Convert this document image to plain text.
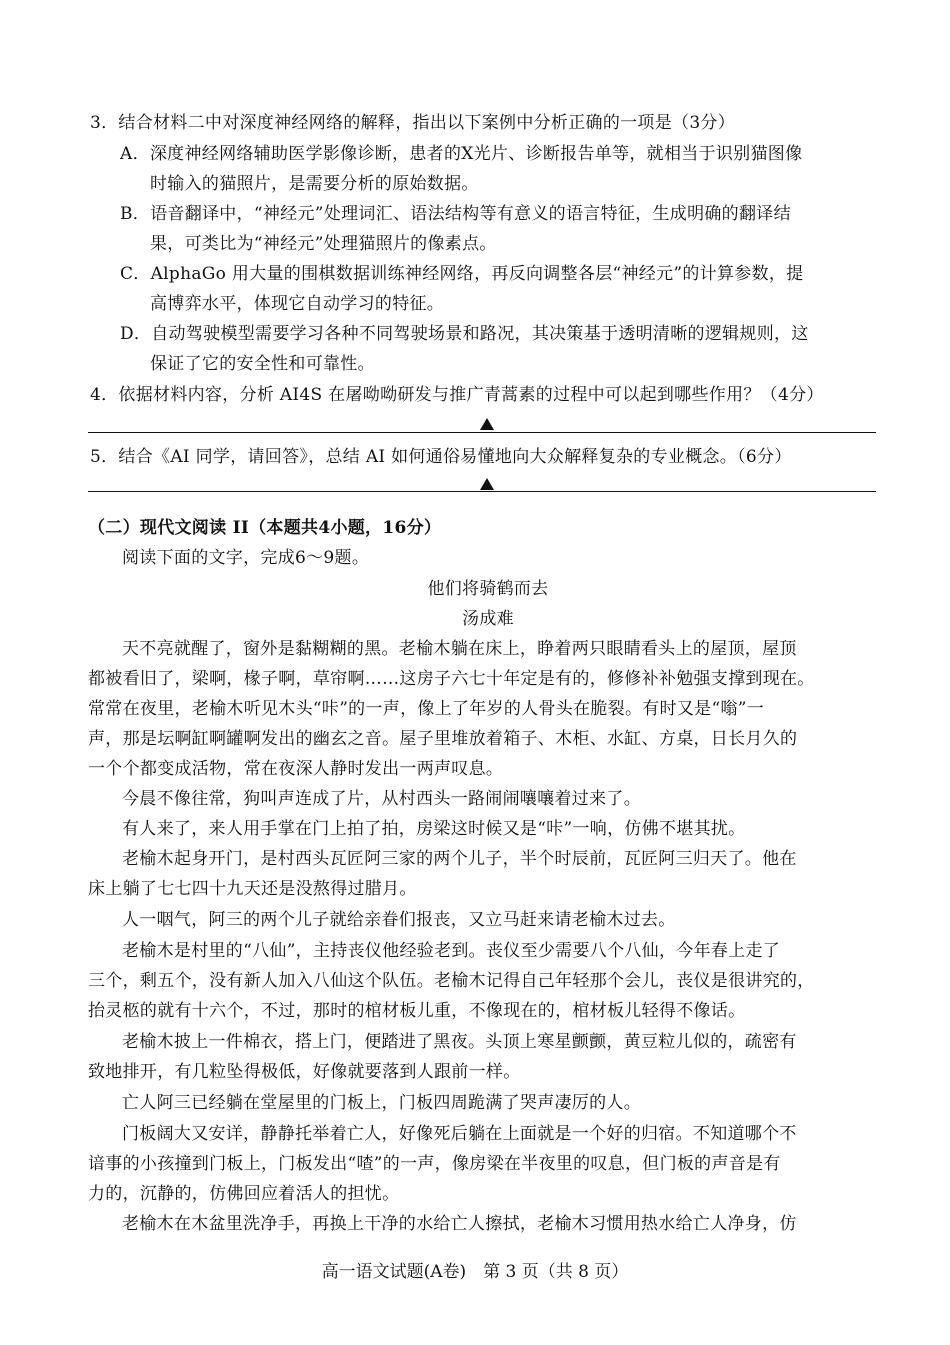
3．结合材料二中对深度神经网络的解释，指出以下案例中分析正确的一项是（3分）
A．深度神经网络辅助医学影像诊断，患者的X光片、诊断报告单等，就相当于识别猫图像
时输入的猫照片，是需要分析的原始数据。
B．语音翻译中，“神经元”处理词汇、语法结构等有意义的语言特征，生成明确的翻译结
果，可类比为“神经元”处理猫照片的像素点。
C．AlphaGo 用大量的围棋数据训练神经网络，再反向调整各层“神经元”的计算参数，提
高博弈水平，体现它自动学习的特征。
D．自动驾驶模型需要学习各种不同驾驶场景和路况，其决策基于透明清晰的逻辑规则，这
保证了它的安全性和可靠性。
4．依据材料内容，分析 AI4S 在屠呦呦研发与推广青蒿素的过程中可以起到哪些作用？（4分）
5．结合《AI 同学，请回答》，总结 AI 如何通俗易懂地向大众解释复杂的专业概念。（6分）
（二）现代文阅读 II（本题共4小题，16分）
阅读下面的文字，完成6～9题。
他们将骑鹤而去
汤成难
天不亮就醒了，窗外是黏糊糊的黑。老榆木躺在床上，睁着两只眼睛看头上的屋顶，屋顶
都被看旧了，梁啊，椽子啊，草帘啊……这房子六七十年定是有的，修修补补勉强支撑到现在。
常常在夜里，老榆木听见木头“咔”的一声，像上了年岁的人骨头在脆裂。有时又是“嗡”一
声，那是坛啊缸啊罐啊发出的幽玄之音。屋子里堆放着箱子、木柜、水缸、方桌，日长月久的
一个个都变成活物，常在夜深人静时发出一两声叹息。
今晨不像往常，狗叫声连成了片，从村西头一路闹闹嚷嚷着过来了。
有人来了，来人用手掌在门上拍了拍，房梁这时候又是“咔”一响，仿佛不堪其扰。
老榆木起身开门，是村西头瓦匠阿三家的两个儿子，半个时辰前，瓦匠阿三归天了。他在
床上躺了七七四十九天还是没熬得过腊月。
人一咽气，阿三的两个儿子就给亲眷们报丧，又立马赶来请老榆木过去。
老榆木是村里的“八仙”，主持丧仪他经验老到。丧仪至少需要八个八仙，今年春上走了
三个，剩五个，没有新人加入八仙这个队伍。老榆木记得自己年轻那个会儿，丧仪是很讲究的，
抬灵柩的就有十六个，不过，那时的棺材板儿重，不像现在的，棺材板儿轻得不像话。
老榆木披上一件棉衣，搭上门，便踏进了黑夜。头顶上寒星颤颤，黄豆粒儿似的，疏密有
致地排开，有几粒坠得极低，好像就要落到人跟前一样。
亡人阿三已经躺在堂屋里的门板上，门板四周跪满了哭声凄厉的人。
门板阔大又安详，静静托举着亡人，好像死后躺在上面就是一个好的归宿。不知道哪个不
谙事的小孩撞到门板上，门板发出“喳”的一声，像房梁在半夜里的叹息，但门板的声音是有
力的，沉静的，仿佛回应着活人的担忧。
老榆木在木盆里洗净手，再换上干净的水给亡人擦拭，老榆木习惯用热水给亡人净身，仿
高一语文试题(A卷)　第 3 页（共 8 页）
